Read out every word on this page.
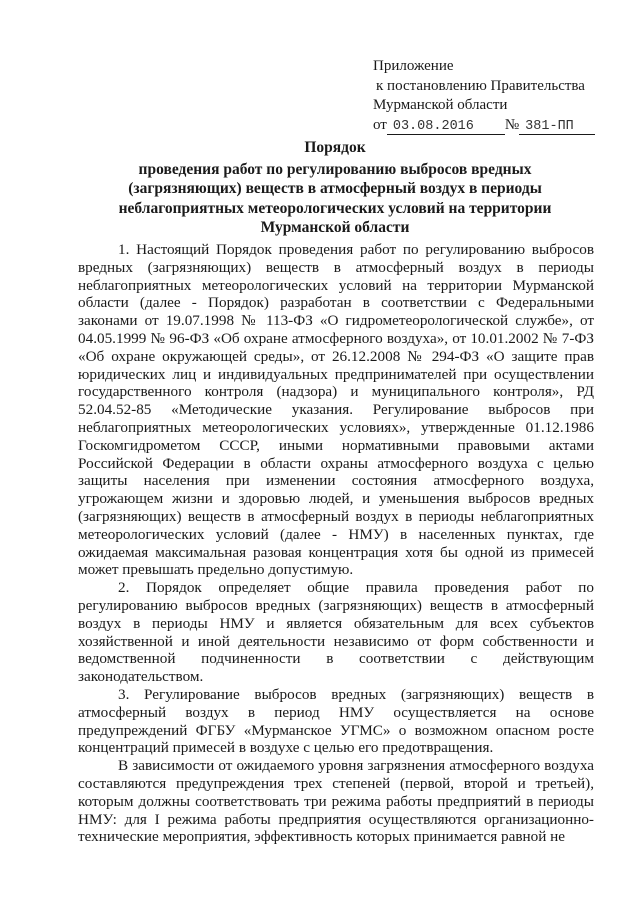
Приложение
к постановлению Правительства
Мурманской области
от 03.08.2016	№ 381-ПП
Порядок
проведения работ по регулированию выбросов вредных (загрязняющих) веществ в атмосферный воздух в периоды неблагоприятных метеорологических условий на территории Мурманской области

1. Настоящий Порядок проведения работ по регулированию выбросов вредных (загрязняющих) веществ в атмосферный воздух в периоды неблагоприятных метеорологических условий на территории Мурманской области (далее - Порядок) разработан в соответствии с Федеральными законами от 19.07.1998 № 113-ФЗ «О гидрометеорологической службе», от 04.05.1999 № 96-ФЗ «Об охране атмосферного воздуха», от 10.01.2002 № 7-ФЗ «Об охране окружающей среды», от 26.12.2008 № 294-ФЗ «О защите прав юридических лиц и индивидуальных предпринимателей при осуществлении государственного контроля (надзора) и муниципального контроля», РД 52.04.52-85 «Методические указания. Регулирование выбросов при неблагоприятных метеорологических условиях», утвержденные 01.12.1986 Госкомгидрометом СССР, иными нормативными правовыми актами Российской Федерации в области охраны атмосферного воздуха с целью защиты населения при изменении состояния атмосферного воздуха, угрожающем жизни и здоровью людей, и уменьшения выбросов вредных (загрязняющих) веществ в атмосферный воздух в периоды неблагоприятных метеорологических условий (далее - НМУ) в населенных пунктах, где ожидаемая максимальная разовая концентрация хотя бы одной из примесей может превышать предельно допустимую.

2. Порядок определяет общие правила проведения работ по регулированию выбросов вредных (загрязняющих) веществ в атмосферный воздух в периоды НМУ и является обязательным для всех субъектов хозяйственной и иной деятельности независимо от форм собственности и ведомственной подчиненности в соответствии с действующим законодательством.

3. Регулирование выбросов вредных (загрязняющих) веществ в атмосферный воздух в период НМУ осуществляется на основе предупреждений ФГБУ «Мурманское УГМС» о возможном опасном росте концентраций примесей в воздухе с целью его предотвращения.

В зависимости от ожидаемого уровня загрязнения атмосферного воздуха составляются предупреждения трех степеней (первой, второй и третьей), которым должны соответствовать три режима работы предприятий в периоды НМУ: для I режима работы предприятия осуществляются организационно-технические мероприятия, эффективность которых принимается равной не
